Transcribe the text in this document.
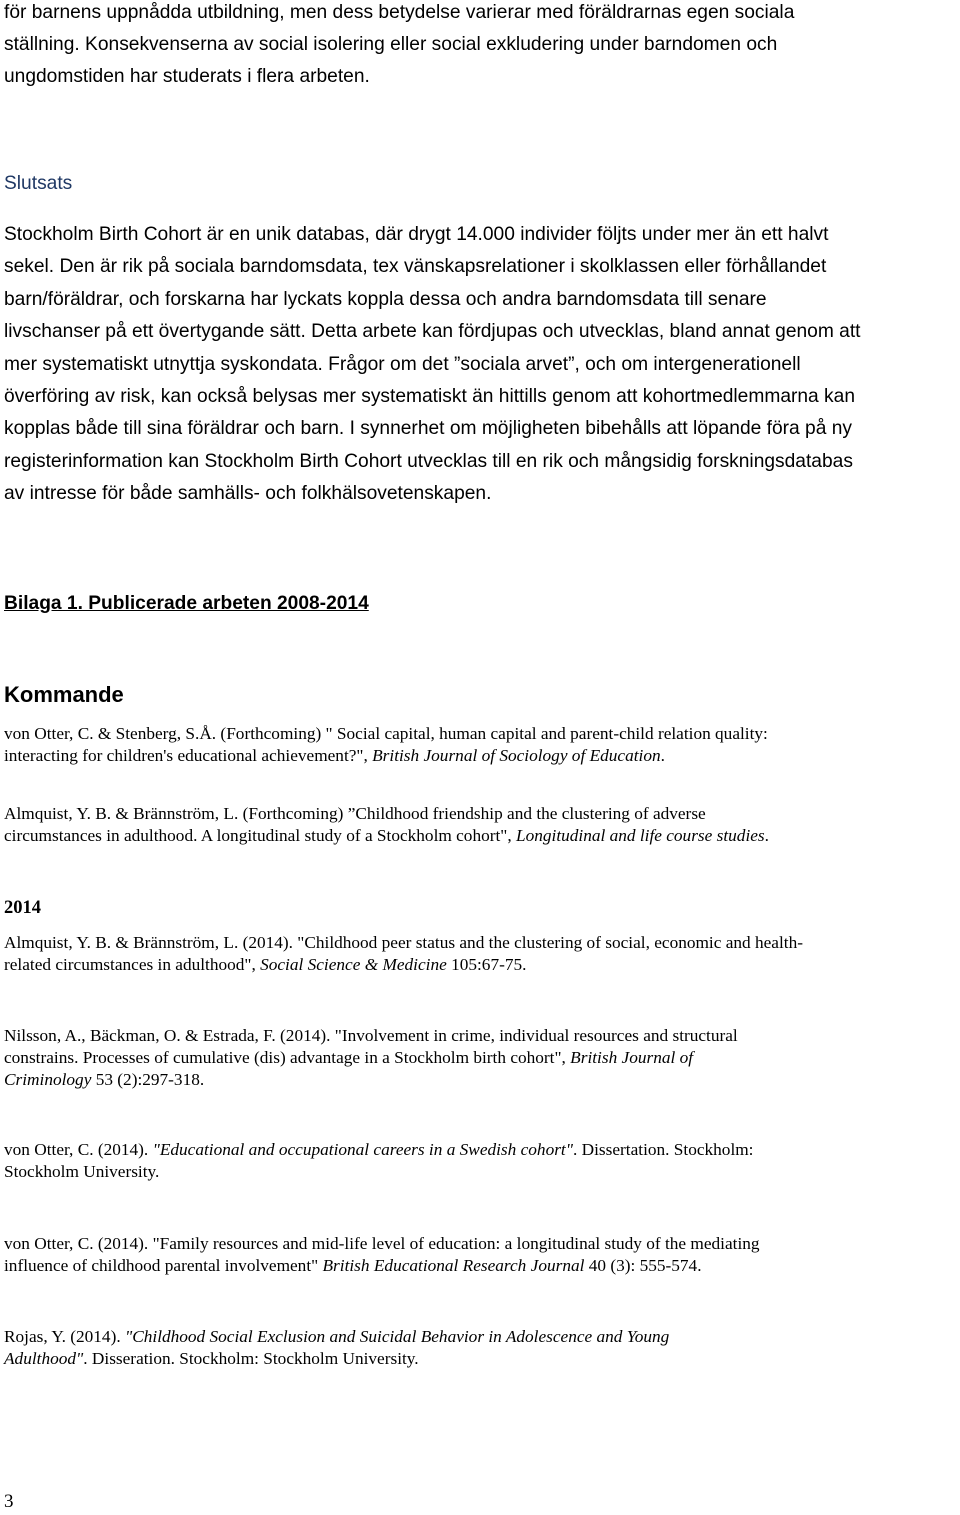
för barnens uppnådda utbildning, men dess betydelse varierar med föräldrarnas egen sociala
ställning. Konsekvenserna av social isolering eller social exkludering under barndomen och
ungdomstiden har studerats i flera arbeten.
Slutsats
Stockholm Birth Cohort är en unik databas, där drygt 14.000 individer följts under mer än ett halvt
sekel. Den är rik på sociala barndomsdata, tex vänskapsrelationer i skolklassen eller förhållandet
barn/föräldrar, och forskarna har lyckats koppla dessa och andra barndomsdata till senare
livschanser på ett övertygande sätt. Detta arbete kan fördjupas och utvecklas, bland annat genom att
mer systematiskt utnyttja syskondata. Frågor om det ”sociala arvet”, och om intergenerationell
överföring av risk, kan också belysas mer systematiskt än hittills genom att kohortmedlemmarna kan
kopplas både till sina föräldrar och barn. I synnerhet om möjligheten bibehålls att löpande föra på ny
registerinformation kan Stockholm Birth Cohort utvecklas till en rik och mångsidig forskningsdatabas
av intresse för både samhälls- och folkhälsovetenskapen.
Bilaga 1. Publicerade arbeten 2008-2014
Kommande
von Otter, C. & Stenberg, S.Å. (Forthcoming) " Social capital, human capital and parent-child relation quality:
interacting for children's educational achievement?", British Journal of Sociology of Education.
Almquist, Y. B. & Brännström, L. (Forthcoming) ”Childhood friendship and the clustering of adverse
circumstances in adulthood. A longitudinal study of a Stockholm cohort", Longitudinal and life course studies.
2014
Almquist, Y. B. & Brännström, L. (2014). "Childhood peer status and the clustering of social, economic and health-
related circumstances in adulthood", Social Science & Medicine 105:67-75.
Nilsson, A., Bäckman, O. & Estrada, F. (2014). "Involvement in crime, individual resources and structural
constrains. Processes of cumulative (dis) advantage in a Stockholm birth cohort", British Journal of
Criminology 53 (2):297-318.
von Otter, C. (2014). "Educational and occupational careers in a Swedish cohort". Dissertation. Stockholm:
Stockholm University.
von Otter, C. (2014). "Family resources and mid-life level of education: a longitudinal study of the mediating
influence of childhood parental involvement" British Educational Research Journal 40 (3): 555-574.
Rojas, Y. (2014). "Childhood Social Exclusion and Suicidal Behavior in Adolescence and Young
Adulthood". Disseration. Stockholm: Stockholm University.
3
